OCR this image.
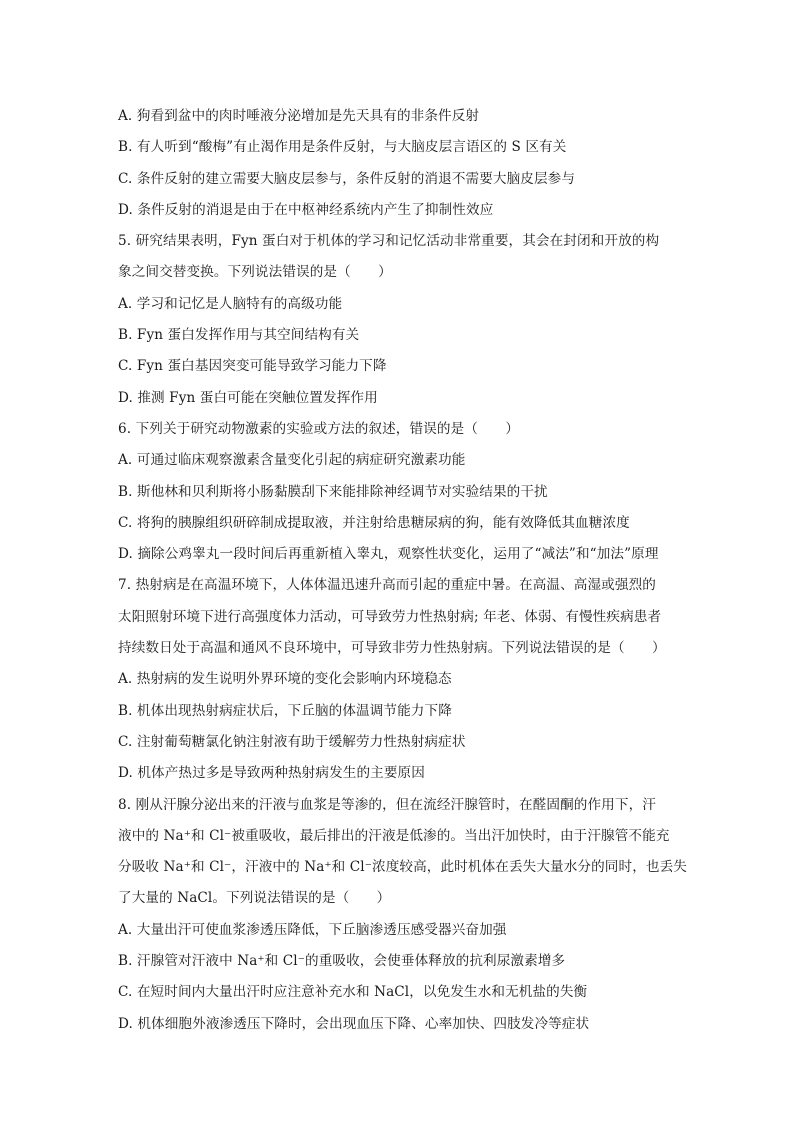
A. 狗看到盆中的肉时唾液分泌增加是先天具有的非条件反射
B. 有人听到“酸梅”有止渴作用是条件反射，与大脑皮层言语区的 S 区有关
C. 条件反射的建立需要大脑皮层参与，条件反射的消退不需要大脑皮层参与
D. 条件反射的消退是由于在中枢神经系统内产生了抑制性效应
5. 研究结果表明，Fyn 蛋白对于机体的学习和记忆活动非常重要，其会在封闭和开放的构
象之间交替变换。下列说法错误的是（　　）
A. 学习和记忆是人脑特有的高级功能
B. Fyn 蛋白发挥作用与其空间结构有关
C. Fyn 蛋白基因突变可能导致学习能力下降
D. 推测 Fyn 蛋白可能在突触位置发挥作用
6. 下列关于研究动物激素的实验或方法的叙述，错误的是（　　）
A. 可通过临床观察激素含量变化引起的病症研究激素功能
B. 斯他林和贝利斯将小肠黏膜刮下来能排除神经调节对实验结果的干扰
C. 将狗的胰腺组织研碎制成提取液，并注射给患糖尿病的狗，能有效降低其血糖浓度
D. 摘除公鸡睾丸一段时间后再重新植入睾丸，观察性状变化，运用了“减法”和“加法”原理
7. 热射病是在高温环境下，人体体温迅速升高而引起的重症中暑。在高温、高湿或强烈的
太阳照射环境下进行高强度体力活动，可导致劳力性热射病; 年老、体弱、有慢性疾病患者
持续数日处于高温和通风不良环境中，可导致非劳力性热射病。下列说法错误的是（　　）
A. 热射病的发生说明外界环境的变化会影响内环境稳态
B. 机体出现热射病症状后，下丘脑的体温调节能力下降
C. 注射葡萄糖氯化钠注射液有助于缓解劳力性热射病症状
D. 机体产热过多是导致两种热射病发生的主要原因
8. 刚从汗腺分泌出来的汗液与血浆是等渗的，但在流经汗腺管时，在醛固酮的作用下，汗
液中的 Na⁺和 Cl⁻被重吸收，最后排出的汗液是低渗的。当出汗加快时，由于汗腺管不能充
分吸收 Na⁺和 Cl⁻，汗液中的 Na⁺和 Cl⁻浓度较高，此时机体在丢失大量水分的同时，也丢失
了大量的 NaCl。下列说法错误的是（　　）
A. 大量出汗可使血浆渗透压降低，下丘脑渗透压感受器兴奋加强
B. 汗腺管对汗液中 Na⁺和 Cl⁻的重吸收，会使垂体释放的抗利尿激素增多
C. 在短时间内大量出汗时应注意补充水和 NaCl，以免发生水和无机盐的失衡
D. 机体细胞外液渗透压下降时，会出现血压下降、心率加快、四肢发冷等症状
